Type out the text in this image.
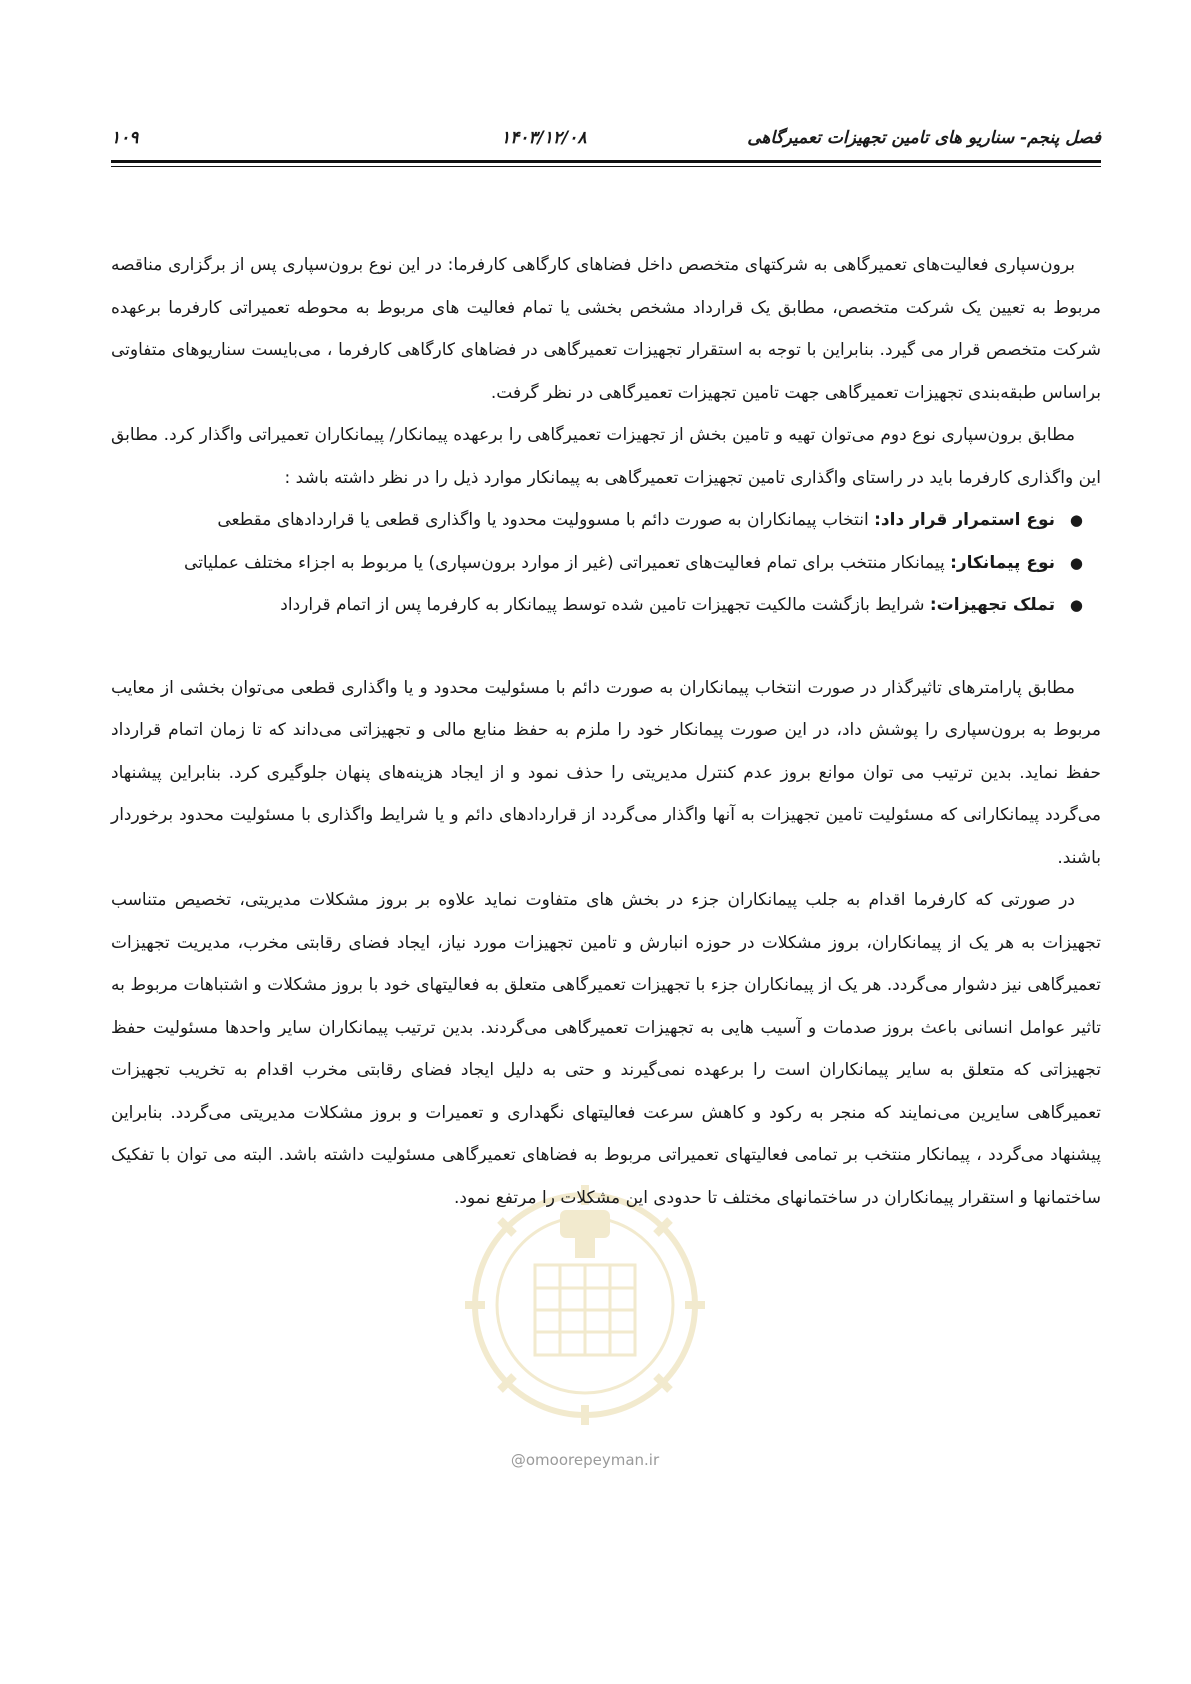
فصل پنجم- سناریو های تامین تجهیزات تعمیرگاهی
۱۴۰۳/۱۲/۰۸
۱۰۹
@omoorepeyman.ir

برون‌سپاری فعالیت‌های تعمیرگاهی به شرکتهای متخصص داخل فضاهای کارگاهی کارفرما: در این نوع برون‌سپاری پس از برگزاری مناقصه مربوط به تعیین یک شرکت متخصص، مطابق یک قرارداد مشخص بخشی یا تمام فعالیت های مربوط به محوطه تعمیراتی کارفرما برعهده شرکت متخصص قرار می گیرد. بنابراین با توجه به استقرار تجهیزات تعمیرگاهی در فضاهای کارگاهی کارفرما ، می‌بایست سناریوهای متفاوتی براساس طبقه‌بندی تجهیزات تعمیرگاهی جهت تامین تجهیزات تعمیرگاهی در نظر گرفت.

مطابق برون‌سپاری نوع دوم می‌توان تهیه و تامین بخش از تجهیزات تعمیرگاهی را برعهده پیمانکار/ پیمانکاران تعمیراتی واگذار کرد. مطابق این واگذاری کارفرما باید در راستای واگذاری تامین تجهیزات تعمیرگاهی به پیمانکار موارد ذیل را در نظر داشته باشد :

●
نوع استمرار قرار داد: انتخاب پیمانکاران به صورت دائم با مسوولیت محدود یا واگذاری قطعی یا قراردادهای مقطعی
●
نوع پیمانکار: پیمانکار منتخب برای تمام فعالیت‌های تعمیراتی (غیر از موارد برون‌سپاری) یا مربوط به اجزاء مختلف عملیاتی
●
تملک تجهیزات: شرایط بازگشت مالکیت تجهیزات تامین شده توسط پیمانکار به کارفرما پس از اتمام قرارداد

مطابق پارامترهای تاثیرگذار در صورت انتخاب پیمانکاران به صورت دائم با مسئولیت محدود و یا واگذاری قطعی می‌توان بخشی از معایب مربوط به برون‌سپاری را پوشش داد، در این صورت پیمانکار خود را ملزم به حفظ منابع مالی و تجهیزاتی می‌داند که تا زمان اتمام قرارداد حفظ نماید. بدین ترتیب می توان موانع بروز عدم کنترل مدیریتی را حذف نمود و از ایجاد هزینه‌های پنهان جلوگیری کرد. بنابراین پیشنهاد می‌گردد پیمانکارانی که مسئولیت تامین تجهیزات به آنها واگذار می‌گردد از قراردادهای دائم و یا شرایط واگذاری با مسئولیت محدود برخوردار باشند.

در صورتی که کارفرما اقدام به جلب پیمانکاران جزء در بخش های متفاوت نماید علاوه بر بروز مشکلات مدیریتی، تخصیص متناسب تجهیزات به هر یک از پیمانکاران، بروز مشکلات در حوزه انبارش و تامین تجهیزات مورد نیاز، ایجاد فضای رقابتی مخرب، مدیریت تجهیزات تعمیرگاهی نیز دشوار می‌گردد. هر یک از پیمانکاران جزء با تجهیزات تعمیرگاهی متعلق به فعالیتهای خود با بروز مشکلات و اشتباهات مربوط به تاثیر عوامل انسانی باعث بروز صدمات و آسیب هایی به تجهیزات تعمیرگاهی می‌گردند. بدین ترتیب پیمانکاران سایر واحدها مسئولیت حفظ تجهیزاتی که متعلق به سایر پیمانکاران است را برعهده نمی‌گیرند و حتی به دلیل ایجاد فضای رقابتی مخرب اقدام به تخریب تجهیزات تعمیرگاهی سایرین می‌نمایند که منجر به رکود و کاهش سرعت فعالیتهای نگهداری و تعمیرات و بروز مشکلات مدیریتی می‌گردد. بنابراین پیشنهاد می‌گردد ، پیمانکار منتخب بر تمامی فعالیتهای تعمیراتی مربوط به فضاهای تعمیرگاهی مسئولیت داشته باشد. البته می توان با تفکیک ساختمانها و استقرار پیمانکاران در ساختمانهای مختلف تا حدودی این مشکلات را مرتفع نمود.
